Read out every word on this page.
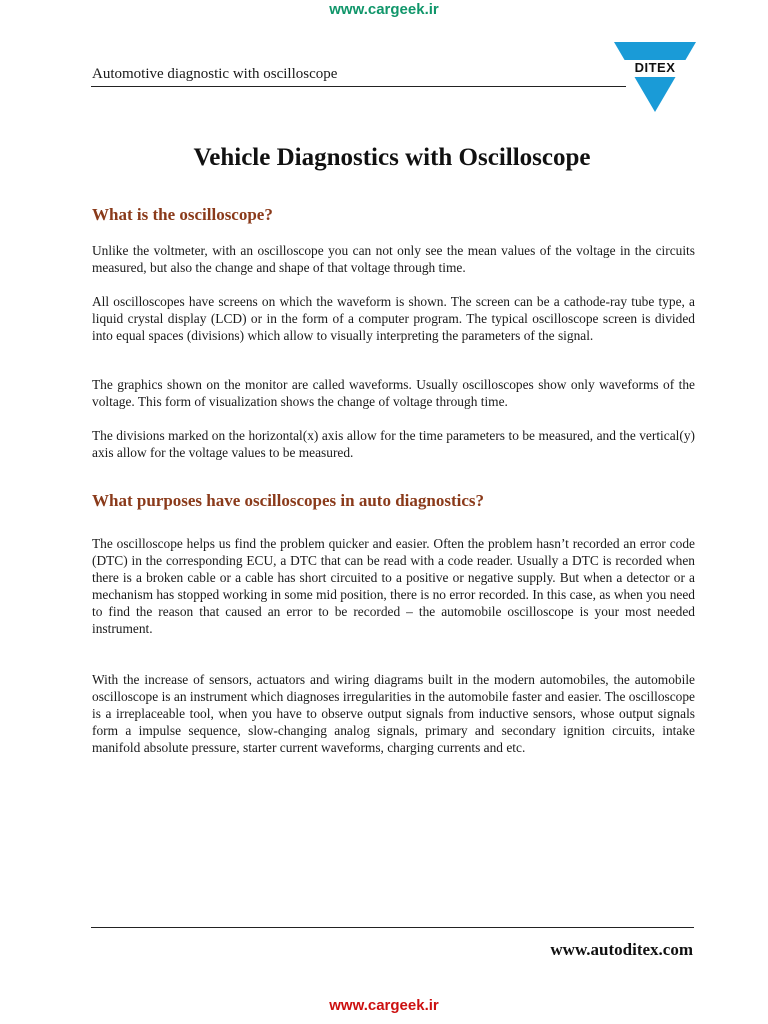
www.cargeek.ir
Automotive diagnostic with oscilloscope	DITEX
Vehicle Diagnostics with Oscilloscope
What is the oscilloscope?

Unlike the voltmeter, with an oscilloscope you can not only see the mean values of the voltage in the circuits measured, but also the change and shape of that voltage through time.

All oscilloscopes have screens on which the waveform is shown. The screen can be a cathode-ray tube type, a liquid crystal display (LCD) or in the form of a computer program. The typical oscilloscope screen is divided into equal spaces (divisions) which allow to visually interpreting the parameters of the signal.

The graphics shown on the monitor are called waveforms. Usually oscilloscopes show only waveforms of the voltage. This form of visualization shows the change of voltage through time.

The divisions marked on the horizontal(x) axis allow for the time parameters to be measured, and the vertical(y) axis allow for the voltage values to be measured.

What purposes have oscilloscopes in auto diagnostics?

The oscilloscope helps us find the problem quicker and easier. Often the problem hasn’t recorded an error code (DTC) in the corresponding ECU, a DTC that can be read with a code reader. Usually a DTC is recorded when there is a broken cable or a cable has short circuited to a positive or negative supply. But when a detector or a mechanism has stopped working in some mid position, there is no error recorded. In this case, as when you need to find the reason that caused an error to be recorded – the automobile oscilloscope is your most needed instrument.

With the increase of sensors, actuators and wiring diagrams built in the modern automobiles, the automobile oscilloscope is an instrument which diagnoses irregularities in the automobile faster and easier. The oscilloscope is a irreplaceable tool, when you have to observe output signals from inductive sensors, whose output signals form a impulse sequence, slow-changing analog signals, primary and secondary ignition circuits, intake manifold absolute pressure, starter current waveforms, charging currents and etc.

www.autoditex.com
www.cargeek.ir
